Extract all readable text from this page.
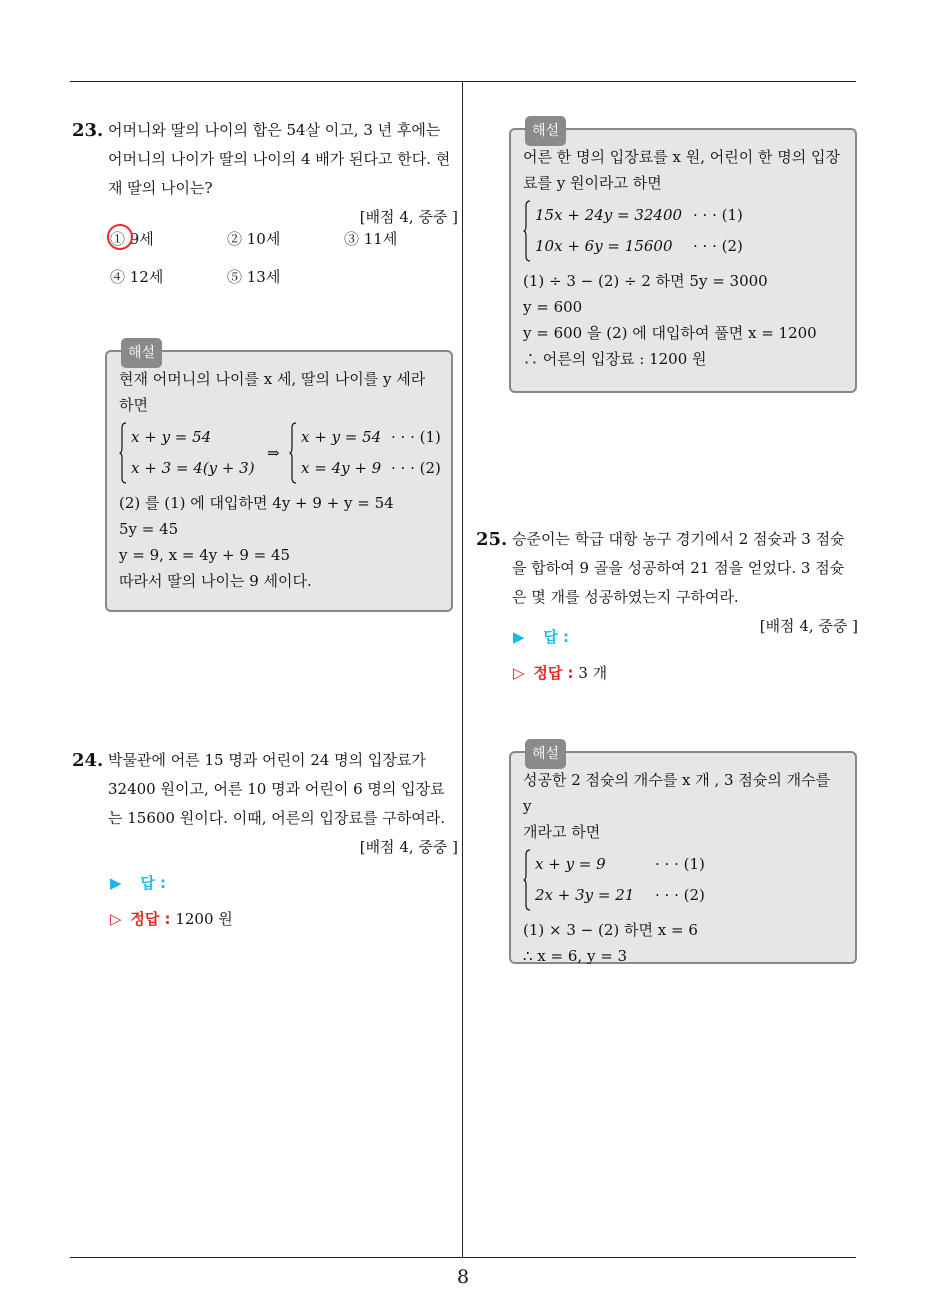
23. 어머니와 딸의 나이의 합은 54살 이고, 3 년 후에는 어머니의 나이가 딸의 나이의 4 배가 된다고 한다. 현재 딸의 나이는?
[배점 4, 중중 ]
① 9세	② 10세	③ 11세
④ 12세	⑤ 13세
해설
현재 어머니의 나이를 x 세, 딸의 나이를 y 세라
하면
x + y = 54
x + 3 = 4(y + 3)
⇒
x + y = 54 · · · (1)
x = 4y + 9 · · · (2)
(2) 를 (1) 에 대입하면 4y + 9 + y = 54
5y = 45
y = 9, x = 4y + 9 = 45
따라서 딸의 나이는 9 세이다.
24. 박물관에 어른 15 명과 어린이 24 명의 입장료가 32400 원이고, 어른 10 명과 어린이 6 명의 입장료는 15600 원이다. 이때, 어른의 입장료를 구하여라.
[배점 4, 중중 ]
▶ 답 :
▷ 정답 : 1200 원
해설
어른 한 명의 입장료를 x 원, 어린이 한 명의 입장
료를 y 원이라고 하면
15x + 24y = 32400 · · · (1)
10x + 6y = 15600 · · · (2)
(1) ÷ 3 − (2) ÷ 2 하면 5y = 3000
y = 600
y = 600 을 (2) 에 대입하여 풀면 x = 1200
∴ 어른의 입장료 : 1200 원
25. 승준이는 학급 대항 농구 경기에서 2 점슛과 3 점슛을 합하여 9 골을 성공하여 21 점을 얻었다. 3 점슛은 몇 개를 성공하였는지 구하여라.
[배점 4, 중중 ]
▶ 답 :
▷ 정답 : 3 개
해설
성공한 2 점슛의 개수를 x 개 , 3 점슛의 개수를 y
개라고 하면
x + y = 9	· · · (1)
2x + 3y = 21 · · · (2)
(1) × 3 − (2) 하면 x = 6
∴ x = 6, y = 3
8
